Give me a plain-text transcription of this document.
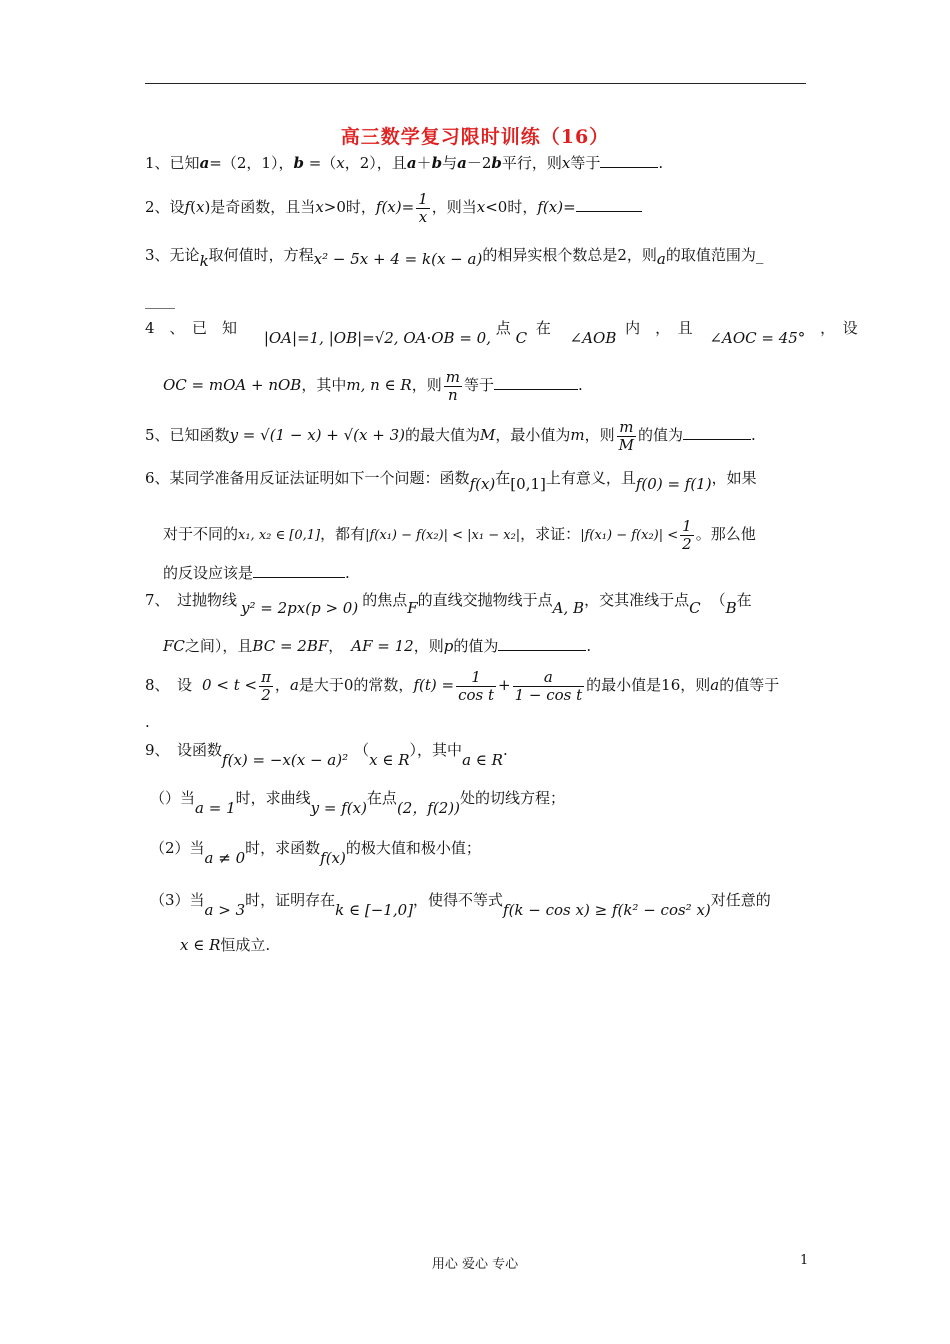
高三数学复习限时训练（16）
1、已知a=（2，1），b =（x，2），且a＋b与a－2b平行，则x等于	.
2、设f(x)是奇函数，且当x>0时，$f(x)= \frac{1}{x}$ ，则当x<0时，f(x)=
3、无论k取何值时，方程x² − 5x + 4 = k(x − a)的相异实根个数总是2，则a的取值范围为_
____
4　、　已　知 |OA|=1, |OB|=√2, OA·OB = 0, 点 C 在 ∠AOB 内　，　且 ∠AOC = 45° ，　设
OC = mOA + nOB，其中m, n ∈ R，则 $\frac{m}{n}$ 等于	.
5、已知函数y = √(1 − x) + √(x + 3)的最大值为M，最小值为m，则 $\frac{m}{M}$ 的值为	.
6、某同学准备用反证法证明如下一个问题：函数f(x)在[0,1]上有意义，且f(0) = f(1)，如果
对于不同的x₁, x₂ ∈ [0,1]，都有|f(x₁) − f(x₂)| < |x₁ − x₂|，求证：$|f(x_1) - f(x_2)| < \frac{1}{2}$ 。那么他
的反设应该是	.
7、　过抛物线 y² = 2px(p > 0) 的焦点F的直线交抛物线于点A, B，交其准线于点C （B在
FC之间），且BC = 2BF， AF = 12，则p的值为	.
8、　设 $0 < t < \frac{\pi}{2}$ ，a是大于0的常数，$f(t) = \frac{1}{\text{cos t}} + \frac{a}{\text{1 − cos t}}$ 的最小值是16，则a的值等于
.
9、　设函数f(x) = −x(x − a)²（x ∈ R），其中a ∈ R.
（）当a = 1时，求曲线y = f(x)在点(2，f(2))处的切线方程；
（2）当a ≠ 0时，求函数f(x)的极大值和极小值；
（3）当a > 3时，证明存在k ∈ [−1,0]，使得不等式f(k − cos x) ≥ f(k² − cos² x)对任意的
x ∈ R恒成立.
用心 爱心 专心	1
